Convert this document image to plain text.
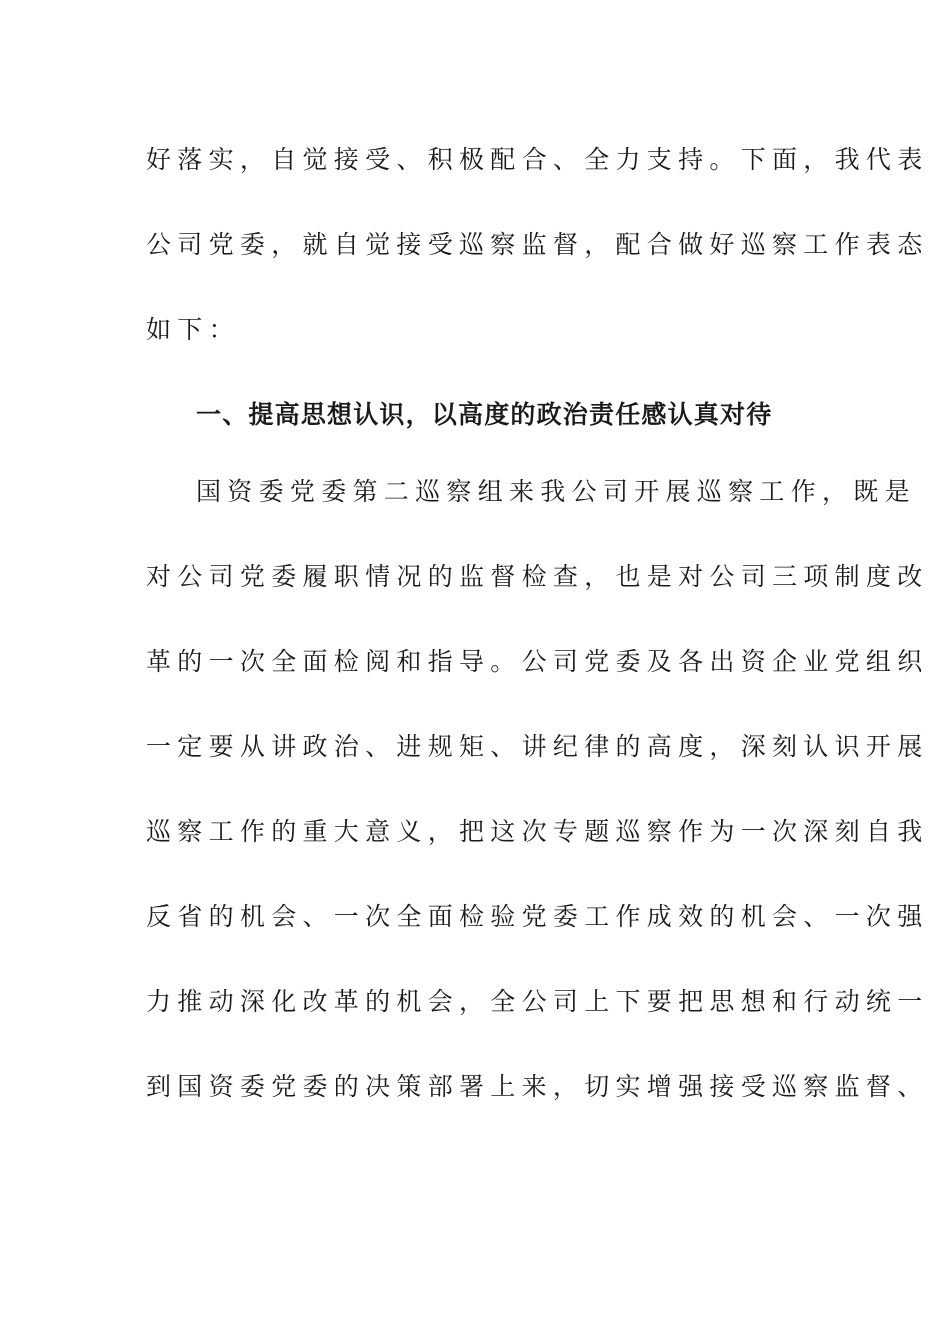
好落实，自觉接受、积极配合、全力支持。下面，我代表
公司党委，就自觉接受巡察监督，配合做好巡察工作表态
如下：
一、提高思想认识，以高度的政治责任感认真对待
国资委党委第二巡察组来我公司开展巡察工作，既是
对公司党委履职情况的监督检查，也是对公司三项制度改
革的一次全面检阅和指导。公司党委及各出资企业党组织
一定要从讲政治、进规矩、讲纪律的高度，深刻认识开展
巡察工作的重大意义，把这次专题巡察作为一次深刻自我
反省的机会、一次全面检验党委工作成效的机会、一次强
力推动深化改革的机会，全公司上下要把思想和行动统一
到国资委党委的决策部署上来，切实增强接受巡察监督、
